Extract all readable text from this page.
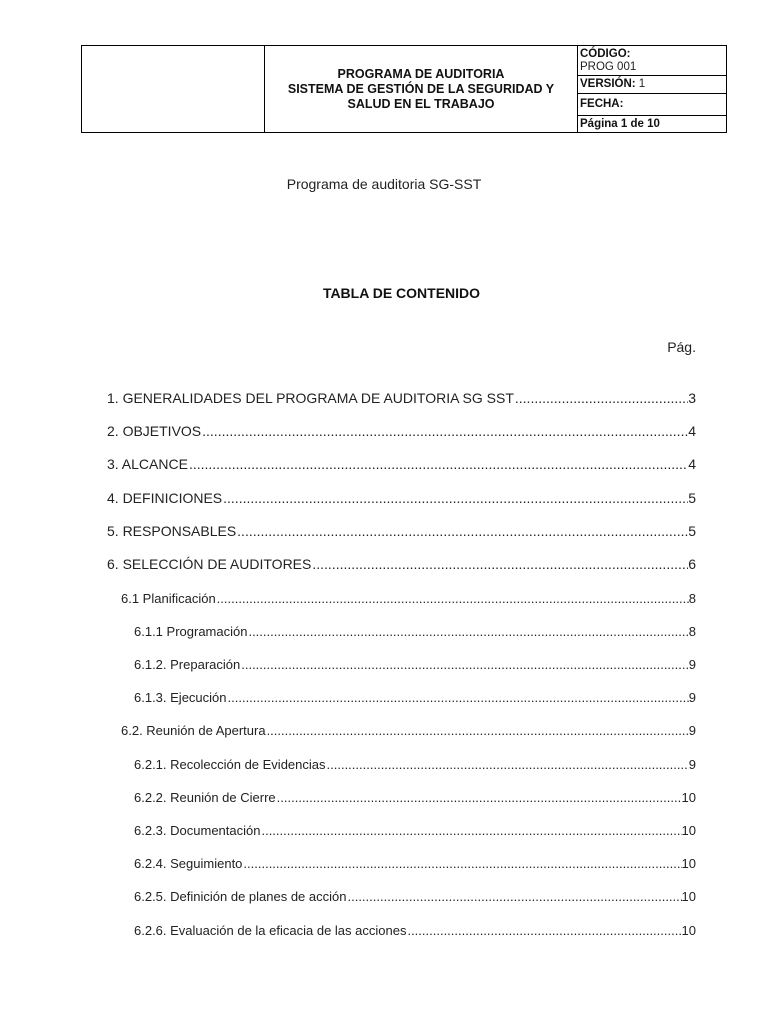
PROGRAMA DE AUDITORIA
SISTEMA DE GESTIÓN DE LA SEGURIDAD Y
SALUD EN EL TRABAJO

CÓDIGO:
PROG 001

VERSIÓN: 1
FECHA:
Página 1 de 10
Programa de auditoria SG-SST
TABLA DE CONTENIDO
Pág.
1. GENERALIDADES DEL PROGRAMA DE AUDITORIA SG SST .....	3
2. OBJETIVOS .....	4
3. ALCANCE .....	4
4. DEFINICIONES .....	5
5. RESPONSABLES .....	5
6. SELECCIÓN DE AUDITORES .....	6
6.1 Planificación .....	8
6.1.1 Programación .....	8
6.1.2. Preparación .....	9
6.1.3. Ejecución .....	9
6.2. Reunión de Apertura .....	9
6.2.1. Recolección de Evidencias .....	9
6.2.2. Reunión de Cierre .....	10
6.2.3. Documentación .....	10
6.2.4. Seguimiento .....	10
6.2.5. Definición de planes de acción .....	10
6.2.6. Evaluación de la eficacia de las acciones .....	10
